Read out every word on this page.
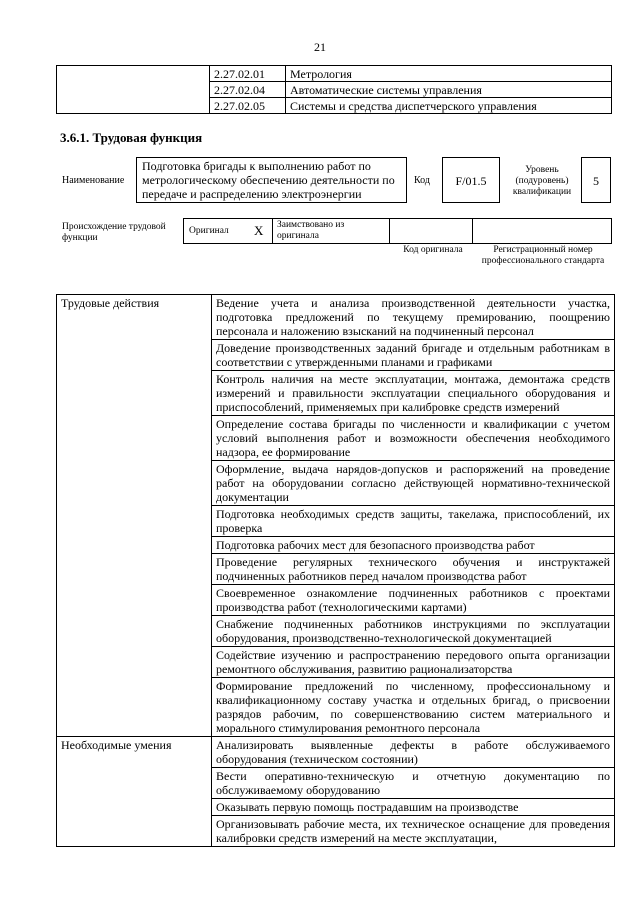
21
	2.27.02.01	Метрология
	2.27.02.04	Автоматические системы управления
	2.27.02.05	Системы и средства диспетчерского управления
3.6.1. Трудовая функция
Наименование
Подготовка бригады к выполнению работ по метрологическому обеспечению деятельности по передаче и распределению электроэнергии
Код	F/01.5
Уровень (подуровень) квалификации
5
Происхождение трудовой функции
Оригинал X Заимствовано из оригинала
Код оригинала	Регистрационный номер профессионального стандарта
Трудовые действия	Ведение учета и анализа производственной деятельности участка, подготовка предложений по текущему премированию, поощрению персонала и наложению взысканий на подчиненный персонал
	Доведение производственных заданий бригаде и отдельным работникам в соответствии с утвержденными планами и графиками
	Контроль наличия на месте эксплуатации, монтажа, демонтажа средств измерений и правильности эксплуатации специального оборудования и приспособлений, применяемых при калибровке средств измерений
	Определение состава бригады по численности и квалификации с учетом условий выполнения работ и возможности обеспечения необходимого надзора, ее формирование
	Оформление, выдача нарядов-допусков и распоряжений на проведение работ на оборудовании согласно действующей нормативно-технической документации
	Подготовка необходимых средств защиты, такелажа, приспособлений, их проверка
	Подготовка рабочих мест для безопасного производства работ
	Проведение регулярных технического обучения и инструктажей подчиненных работников перед началом производства работ
	Своевременное ознакомление подчиненных работников с проектами производства работ (технологическими картами)
	Снабжение подчиненных работников инструкциями по эксплуатации оборудования, производственно-технологической документацией
	Содействие изучению и распространению передового опыта организации ремонтного обслуживания, развитию рационализаторства
	Формирование предложений по численному, профессиональному и квалификационному составу участка и отдельных бригад, о присвоении разрядов рабочим, по совершенствованию систем материального и морального стимулирования ремонтного персонала
Необходимые умения	Анализировать выявленные дефекты в работе обслуживаемого оборудования (техническом состоянии)
	Вести оперативно-техническую и отчетную документацию по обслуживаемому оборудованию
	Оказывать первую помощь пострадавшим на производстве
	Организовывать рабочие места, их техническое оснащение для проведения калибровки средств измерений на месте эксплуатации,
